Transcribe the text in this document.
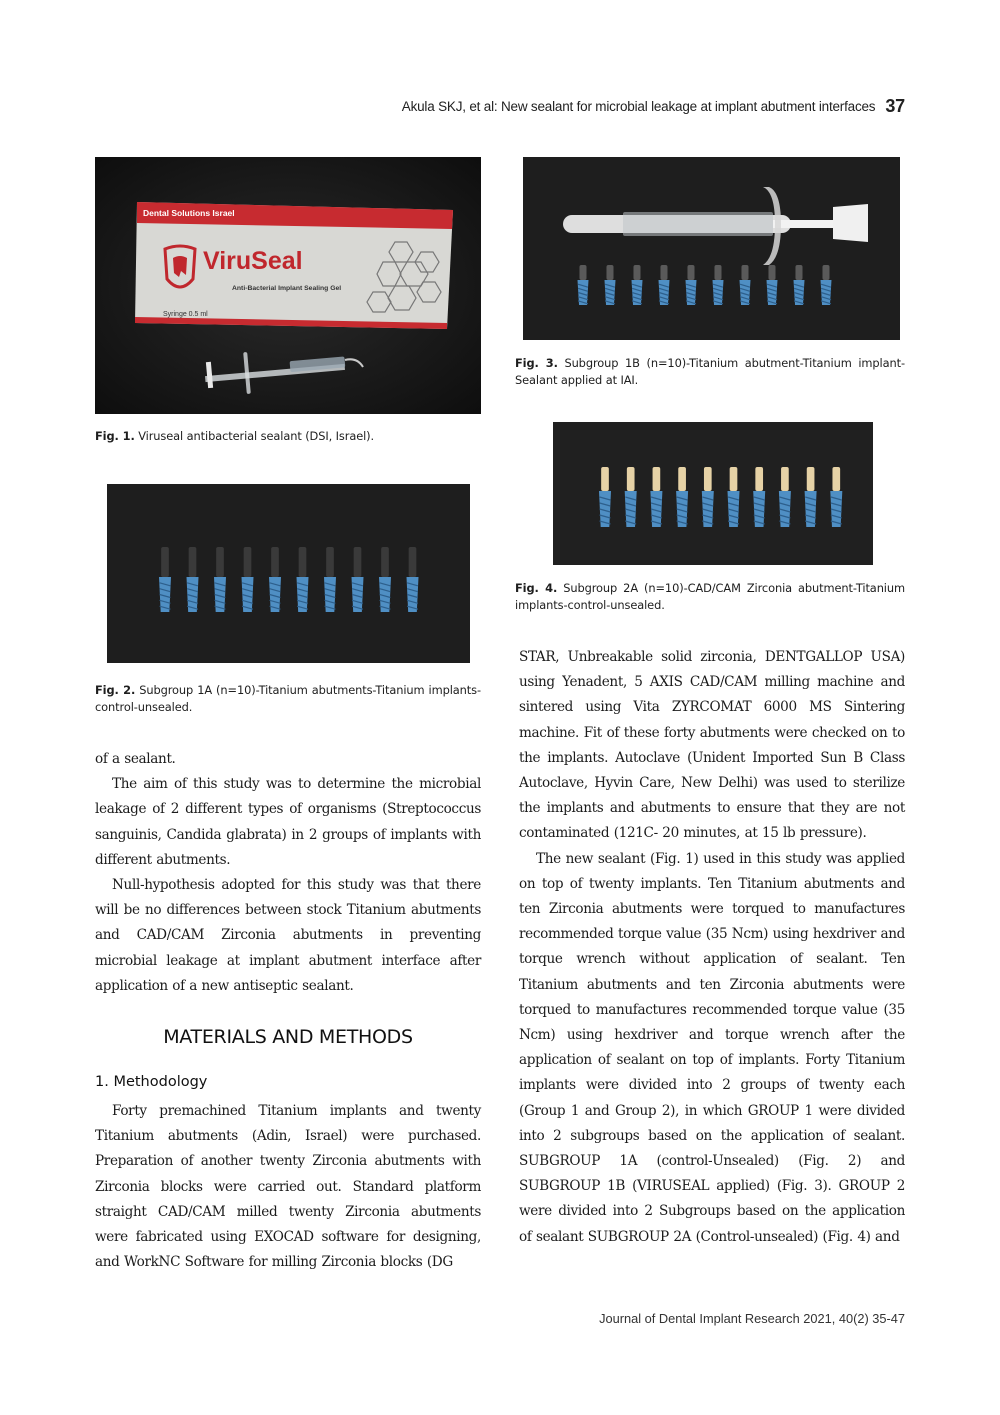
Akula SKJ, et al: New sealant for microbial leakage at implant abutment interfaces 37
Dental Solutions Israel
ViruSeal
Anti-Bacterial Implant Sealing Gel
Syringe 0.5 ml
Fig. 1. Viruseal antibacterial sealant (DSI, Israel).
Fig. 2. Subgroup 1A (n=10)-Titanium abutments-Titanium implants-control-unsealed.
Fig. 3. Subgroup 1B (n=10)-Titanium abutment-Titanium implant-Sealant applied at IAI.
Fig. 4. Subgroup 2A (n=10)-CAD/CAM Zirconia abutment-Titanium implants-control-unsealed.

of a sealant.

The aim of this study was to determine the microbial leakage of 2 different types of organisms (Streptococcus sanguinis, Candida glabrata) in 2 groups of implants with different abutments.

Null-hypothesis adopted for this study was that there will be no differences between stock Titanium abutments and CAD/CAM Zirconia abutments in preventing microbial leakage at implant abutment interface after application of a new antiseptic sealant.

MATERIALS AND METHODS
1. Methodology

Forty premachined Titanium implants and twenty Titanium abutments (Adin, Israel) were purchased. Preparation of another twenty Zirconia abutments with Zirconia blocks were carried out. Standard platform straight CAD/CAM milled twenty Zirconia abutments were fabricated using EXOCAD software for designing, and WorkNC Software for milling Zirconia blocks (DG

STAR, Unbreakable solid zirconia, DENTGALLOP USA) using Yenadent, 5 AXIS CAD/CAM milling machine and sintered using Vita ZYRCOMAT 6000 MS Sintering machine. Fit of these forty abutments were checked on to the implants. Autoclave (Unident Imported Sun B Class Autoclave, Hyvin Care, New Delhi) was used to sterilize the implants and abutments to ensure that they are not contaminated (121C- 20 minutes, at 15 lb pressure).

The new sealant (Fig. 1) used in this study was applied on top of twenty implants. Ten Titanium abutments and ten Zirconia abutments were torqued to manufactures recommended torque value (35 Ncm) using hexdriver and torque wrench without application of sealant. Ten Titanium abutments and ten Zirconia abutments were torqued to manufactures recommended torque value (35 Ncm) using hexdriver and torque wrench after the application of sealant on top of implants. Forty Titanium implants were divided into 2 groups of twenty each (Group 1 and Group 2), in which GROUP 1 were divided into 2 subgroups based on the application of sealant. SUBGROUP 1A (control-Unsealed) (Fig. 2) and SUBGROUP 1B (VIRUSEAL applied) (Fig. 3). GROUP 2 were divided into 2 Subgroups based on the application of sealant SUBGROUP 2A (Control-unsealed) (Fig. 4) and

Journal of Dental Implant Research 2021, 40(2) 35-47
